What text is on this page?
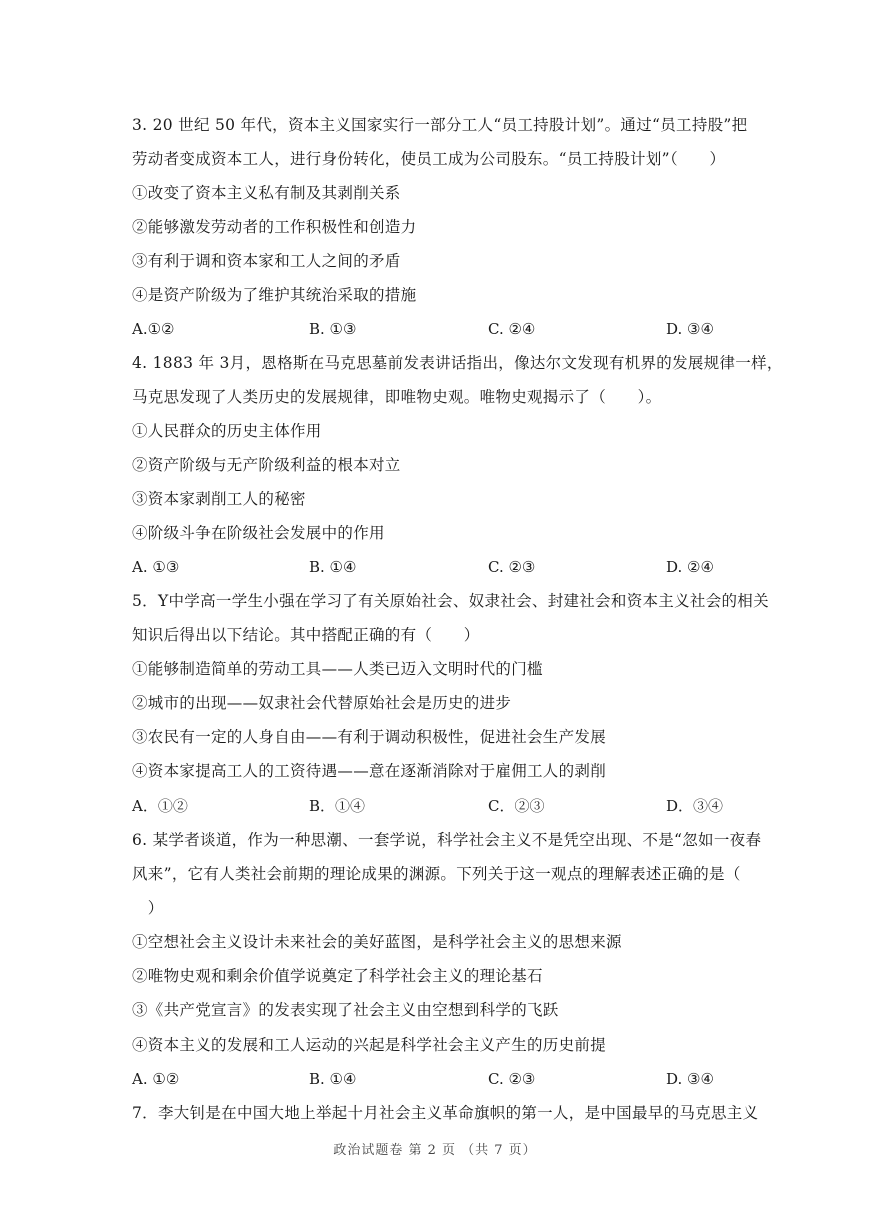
3. 20 世纪 50 年代，资本主义国家实行一部分工人“员工持股计划”。通过“员工持股”把
劳动者变成资本工人，进行身份转化，使员工成为公司股东。“员工持股计划”（　　）
①改变了资本主义私有制及其剥削关系
②能够激发劳动者的工作积极性和创造力
③有利于调和资本家和工人之间的矛盾
④是资产阶级为了维护其统治采取的措施
A.①②	B. ①③	C. ②④	D. ③④
4. 1883 年 3月，恩格斯在马克思墓前发表讲话指出，像达尔文发现有机界的发展规律一样，
马克思发现了人类历史的发展规律，即唯物史观。唯物史观揭示了（　　）。
①人民群众的历史主体作用
②资产阶级与无产阶级利益的根本对立
③资本家剥削工人的秘密
④阶级斗争在阶级社会发展中的作用
A. ①③	B. ①④	C. ②③	D. ②④
5．Y中学高一学生小强在学习了有关原始社会、奴隶社会、封建社会和资本主义社会的相关
知识后得出以下结论。其中搭配正确的有（　　）
①能够制造简单的劳动工具——人类已迈入文明时代的门槛
②城市的出现——奴隶社会代替原始社会是历史的进步
③农民有一定的人身自由——有利于调动积极性，促进社会生产发展
④资本家提高工人的工资待遇——意在逐渐消除对于雇佣工人的剥削
A．①②	B．①④	C．②③	D．③④
6. 某学者谈道，作为一种思潮、一套学说，科学社会主义不是凭空出现、不是“忽如一夜春
风来”，它有人类社会前期的理论成果的渊源。下列关于这一观点的理解表述正确的是（
　）
①空想社会主义设计未来社会的美好蓝图，是科学社会主义的思想来源
②唯物史观和剩余价值学说奠定了科学社会主义的理论基石
③《共产党宣言》的发表实现了社会主义由空想到科学的飞跃
④资本主义的发展和工人运动的兴起是科学社会主义产生的历史前提
A. ①②	B. ①④	C. ②③	D. ③④
7．李大钊是在中国大地上举起十月社会主义革命旗帜的第一人，是中国最早的马克思主义
政治试题卷 第 2 页 （共 7 页）
